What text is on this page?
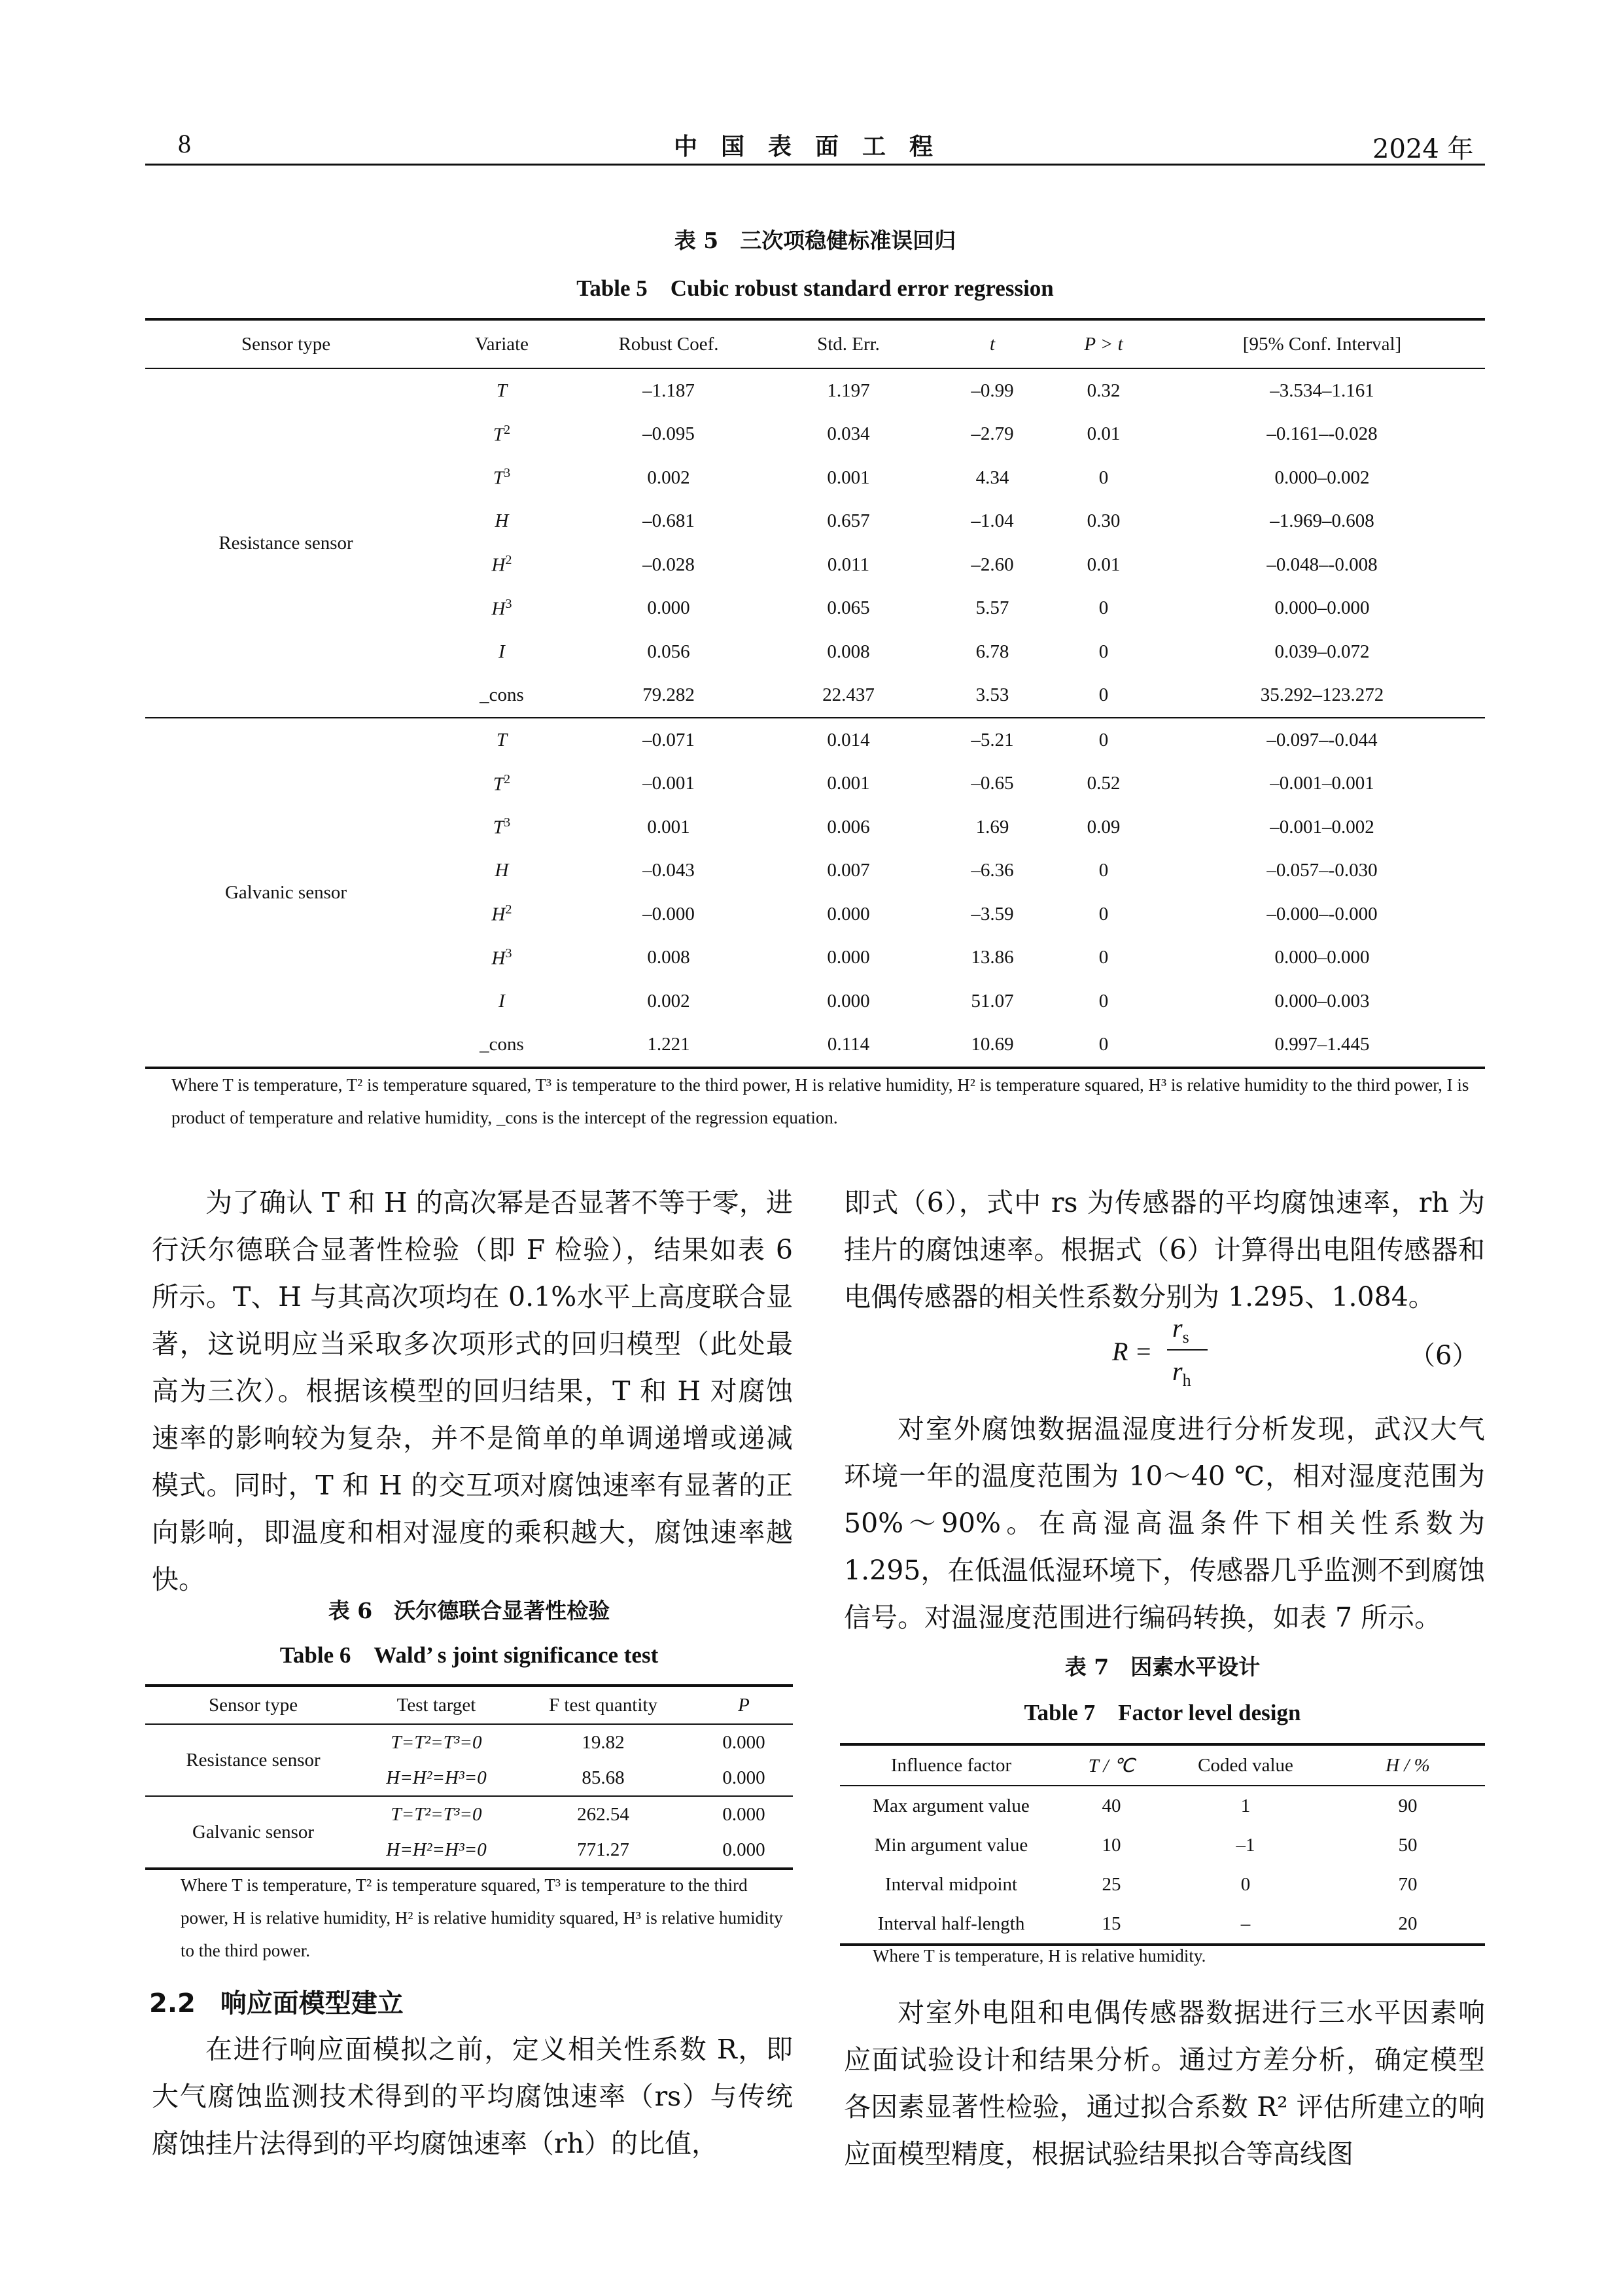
8	中国表面工程	2024 年
表 5　三次项稳健标准误回归
Table 5　Cubic robust standard error regression
Sensor type	Variate	Robust Coef.	Std. Err.	t	P > t	[95% Conf. Interval]
Resistance sensor	T	–1.187	1.197	–0.99	0.32	–3.534–1.161
	$T^2$	–0.095	0.034	–2.79	0.01	–0.161–-0.028
	$T^3$	0.002	0.001	4.34	0	0.000–0.002
	H	–0.681	0.657	–1.04	0.30	–1.969–0.608
	$H^2$	–0.028	0.011	–2.60	0.01	–0.048–-0.008
	$H^3$	0.000	0.065	5.57	0	0.000–0.000
	I	0.056	0.008	6.78	0	0.039–0.072
	_cons	79.282	22.437	3.53	0	35.292–123.272
Galvanic sensor	T	–0.071	0.014	–5.21	0	–0.097–-0.044
	$T^2$	–0.001	0.001	–0.65	0.52	–0.001–0.001
	$T^3$	0.001	0.006	1.69	0.09	–0.001–0.002
	H	–0.043	0.007	–6.36	0	–0.057–-0.030
	$H^2$	–0.000	0.000	–3.59	0	–0.000–-0.000
	$H^3$	0.008	0.000	13.86	0	0.000–0.000
	I	0.002	0.000	51.07	0	0.000–0.003
	_cons	1.221	0.114	10.69	0	0.997–1.445
Where T is temperature, T² is temperature squared, T³ is temperature to the third power, H is relative humidity, H² is temperature squared, H³ is relative humidity to the third power, I is product of temperature and relative humidity, _cons is the intercept of the regression equation.

为了确认 T 和 H 的高次幂是否显著不等于零，进行沃尔德联合显著性检验（即 F 检验），结果如表 6 所示。T、H 与其高次项均在 0.1%水平上高度联合显著，这说明应当采取多次项形式的回归模型（此处最高为三次）。根据该模型的回归结果，T 和 H 对腐蚀速率的影响较为复杂，并不是简单的单调递增或递减模式。同时，T 和 H 的交互项对腐蚀速率有显著的正向影响，即温度和相对湿度的乘积越大，腐蚀速率越快。

表 6　沃尔德联合显著性检验
Table 6　Wald’ s joint significance test
Sensor type	Test target	F test quantity	P
Resistance sensor	T=T²=T³=0	19.82	0.000
	H=H²=H³=0	85.68	0.000
Galvanic sensor	T=T²=T³=0	262.54	0.000
	H=H²=H³=0	771.27	0.000
Where T is temperature, T² is temperature squared, T³ is temperature to the third power, H is relative humidity, H² is relative humidity squared, H³ is relative humidity to the third power.
2.2 响应面模型建立

在进行响应面模拟之前，定义相关性系数 R，即大气腐蚀监测技术得到的平均腐蚀速率（rs）与传统腐蚀挂片法得到的平均腐蚀速率（rh）的比值，

即式（6），式中 rs 为传感器的平均腐蚀速率，rh 为挂片的腐蚀速率。根据式（6）计算得出电阻传感器和电偶传感器的相关性系数分别为 1.295、1.084。

R =
$r_s$
$r_h$
（6）

对室外腐蚀数据温湿度进行分析发现，武汉大气环境一年的温度范围为 10～40 ℃，相对湿度范围为 50%～90%。在高湿高温条件下相关性系数为 1.295，在低温低湿环境下，传感器几乎监测不到腐蚀信号。对温湿度范围进行编码转换，如表 7 所示。

表 7　因素水平设计
Table 7　Factor level design
Influence factor	T / ℃	Coded value	H / %
Max argument value	40	1	90
Min argument value	10	–1	50
Interval midpoint	25	0	70
Interval half-length	15	–	20
Where T is temperature, H is relative humidity.

对室外电阻和电偶传感器数据进行三水平因素响应面试验设计和结果分析。通过方差分析，确定模型各因素显著性检验，通过拟合系数 R² 评估所建立的响应面模型精度，根据试验结果拟合等高线图
